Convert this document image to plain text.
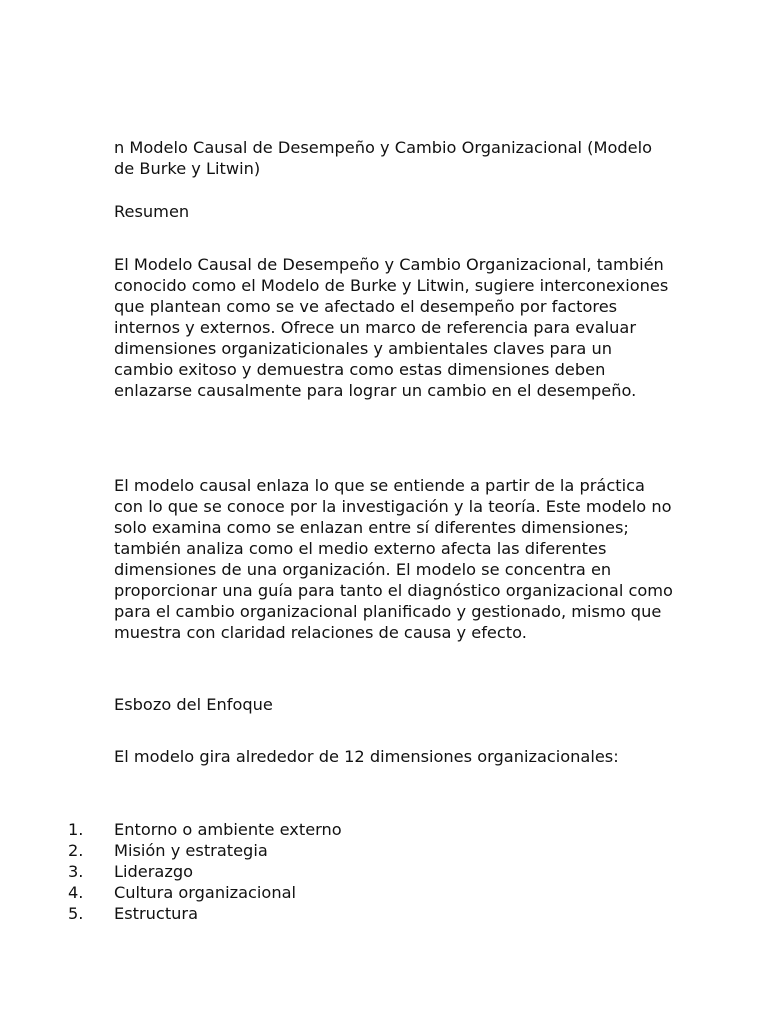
n Modelo Causal de Desempeño y Cambio Organizacional (Modelo de Burke y Litwin)

Resumen

El Modelo Causal de Desempeño y Cambio Organizacional, también conocido como el Modelo de Burke y Litwin, sugiere interconexiones que plantean como se ve afectado el desempeño por factores internos y externos. Ofrece un marco de referencia para evaluar dimensiones organizaticionales y ambientales claves para un cambio exitoso y demuestra como estas dimensiones deben enlazarse causalmente para lograr un cambio en el desempeño.

El modelo causal enlaza lo que se entiende a partir de la práctica con lo que se conoce por la investigación y la teoría. Este modelo no solo examina como se enlazan entre sí diferentes dimensiones; también analiza como el medio externo afecta las diferentes dimensiones de una organización. El modelo se concentra en proporcionar una guía para tanto el diagnóstico organizacional como para el cambio organizacional planificado y gestionado, mismo que muestra con claridad relaciones de causa y efecto.

Esbozo del Enfoque

El modelo gira alrededor de 12 dimensiones organizacionales:

1.	Entorno o ambiente externo
2.	Misión y estrategia
3.	Liderazgo
4.	Cultura organizacional
5.	Estructura
